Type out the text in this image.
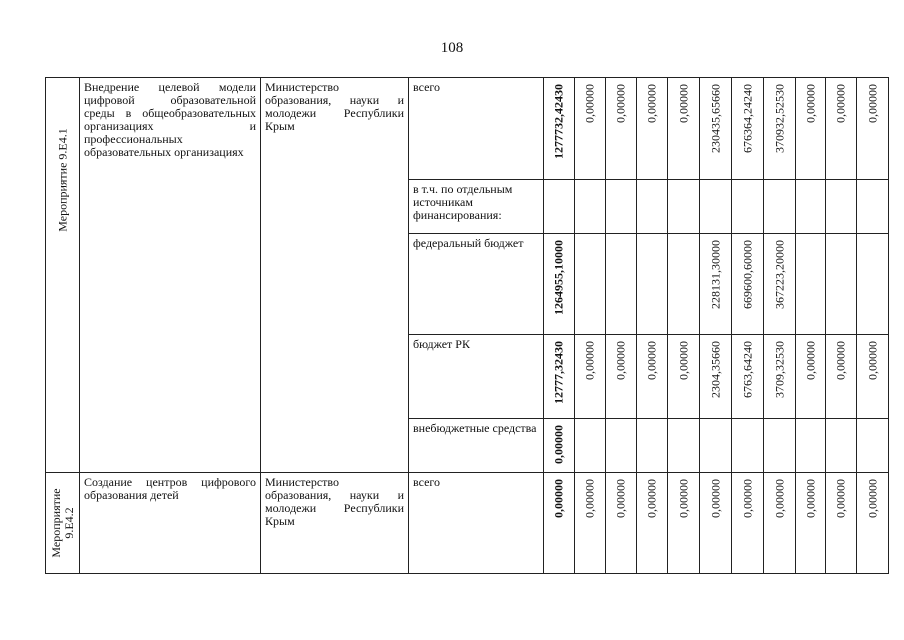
108
Мероприятие 9.Е4.1	Внедрение целевой модели цифровой образовательной среды в общеобразовательных организациях и профессиональных образовательных организациях	Министерство образования, науки и молодежи Республики Крым	всего	1277732,42430	0,00000	0,00000	0,00000	0,00000	230435,65660	676364,24240	370932,52530	0,00000	0,00000	0,00000

			в т.ч. по отдельным источникам финансирования:											
			федеральный бюджет	1264955,10000					228131,30000	669600,60000	367223,20000			

			бюджет РК	12777,32430	0,00000	0,00000	0,00000	0,00000	2304,35660	6763,64240	3709,32530	0,00000	0,00000	0,00000

			внебюджетные средства	0,00000										

Мероприятие 9.Е4.2	Создание центров цифрового образования детей	Министерство образования, науки и молодежи Республики Крым	всего	0,00000	0,00000	0,00000	0,00000	0,00000	0,00000	0,00000	0,00000	0,00000	0,00000	0,00000
